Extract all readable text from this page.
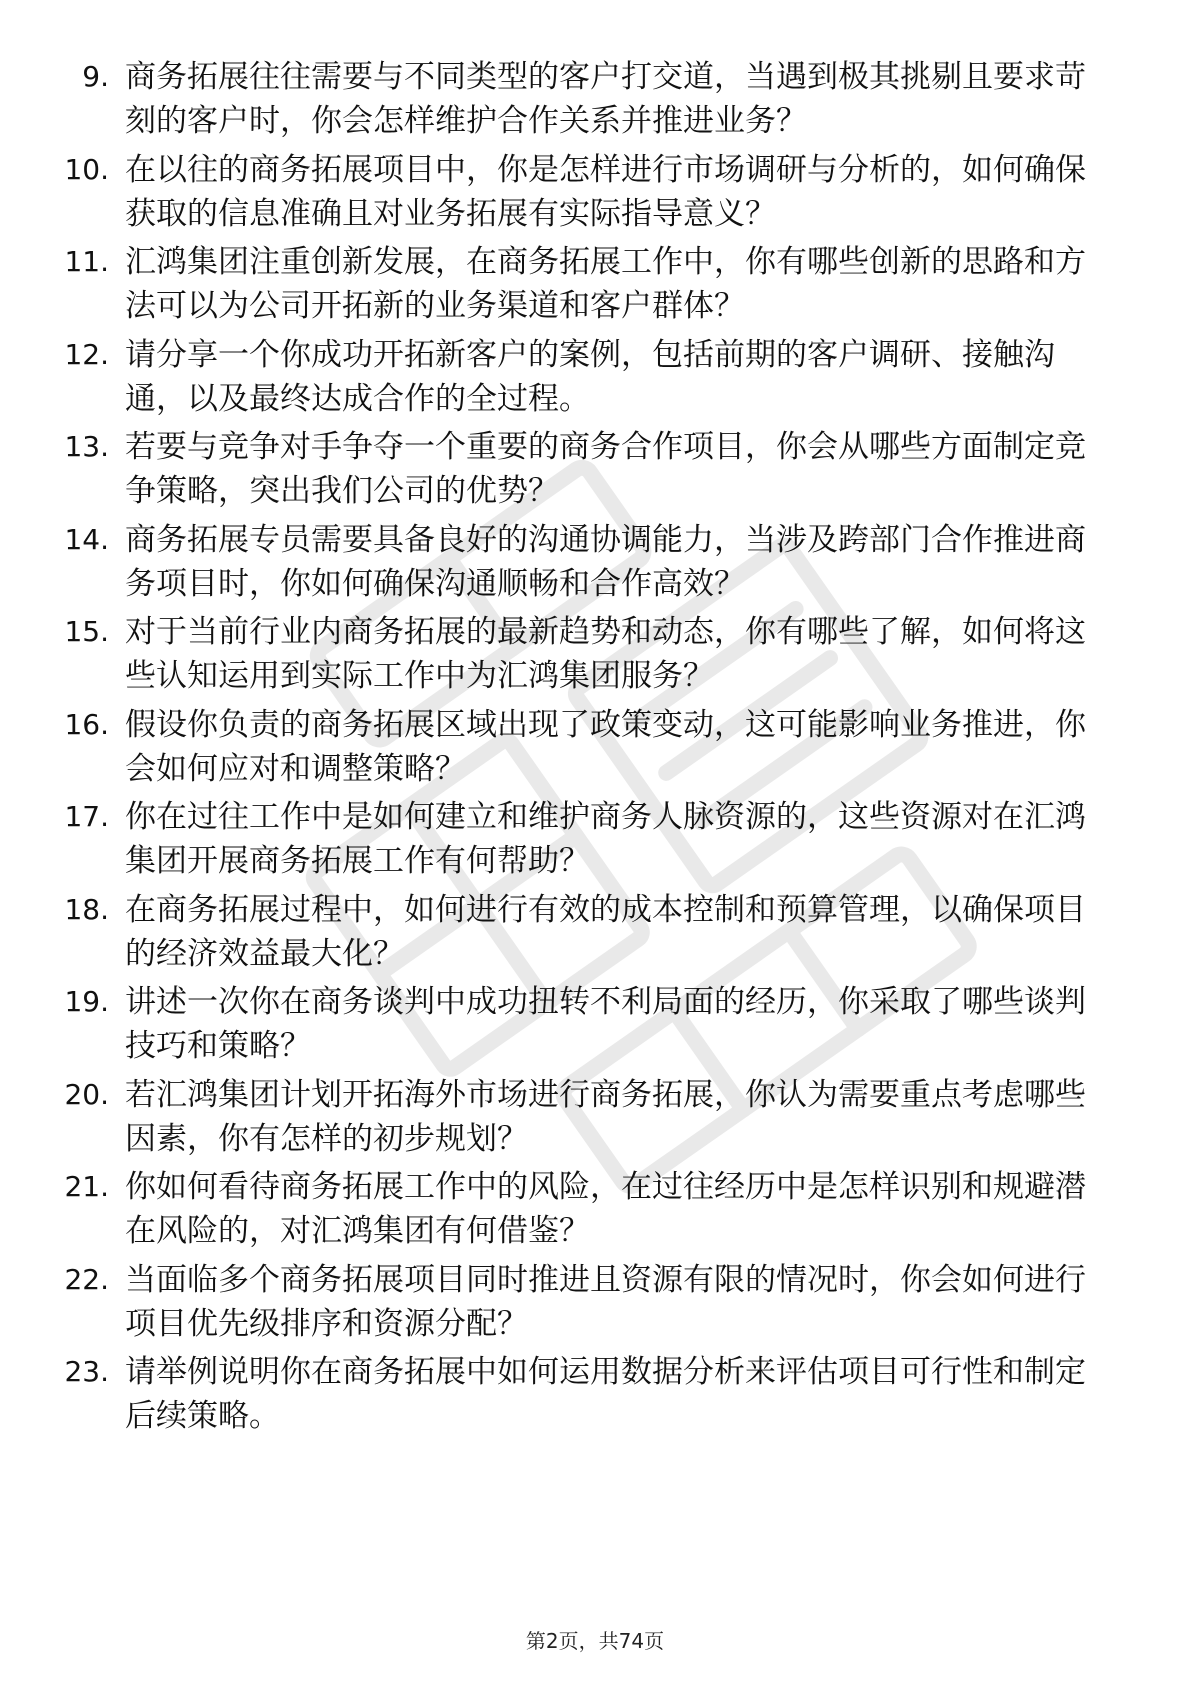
9. 商务拓展往往需要与不同类型的客户打交道，当遇到极其挑剔且要求苛刻的客户时，你会怎样维护合作关系并推进业务？
10. 在以往的商务拓展项目中，你是怎样进行市场调研与分析的，如何确保获取的信息准确且对业务拓展有实际指导意义？
11. 汇鸿集团注重创新发展，在商务拓展工作中，你有哪些创新的思路和方法可以为公司开拓新的业务渠道和客户群体？
12. 请分享一个你成功开拓新客户的案例，包括前期的客户调研、接触沟通，以及最终达成合作的全过程。
13. 若要与竞争对手争夺一个重要的商务合作项目，你会从哪些方面制定竞争策略，突出我们公司的优势？
14. 商务拓展专员需要具备良好的沟通协调能力，当涉及跨部门合作推进商务项目时，你如何确保沟通顺畅和合作高效？
15. 对于当前行业内商务拓展的最新趋势和动态，你有哪些了解，如何将这些认知运用到实际工作中为汇鸿集团服务？
16. 假设你负责的商务拓展区域出现了政策变动，这可能影响业务推进，你会如何应对和调整策略？
17. 你在过往工作中是如何建立和维护商务人脉资源的，这些资源对在汇鸿集团开展商务拓展工作有何帮助？
18. 在商务拓展过程中，如何进行有效的成本控制和预算管理，以确保项目的经济效益最大化？
19. 讲述一次你在商务谈判中成功扭转不利局面的经历，你采取了哪些谈判技巧和策略？
20. 若汇鸿集团计划开拓海外市场进行商务拓展，你认为需要重点考虑哪些因素，你有怎样的初步规划？
21. 你如何看待商务拓展工作中的风险，在过往经历中是怎样识别和规避潜在风险的，对汇鸿集团有何借鉴？
22. 当面临多个商务拓展项目同时推进且资源有限的情况时，你会如何进行项目优先级排序和资源分配？
23. 请举例说明你在商务拓展中如何运用数据分析来评估项目可行性和制定后续策略。
第2页，共74页
